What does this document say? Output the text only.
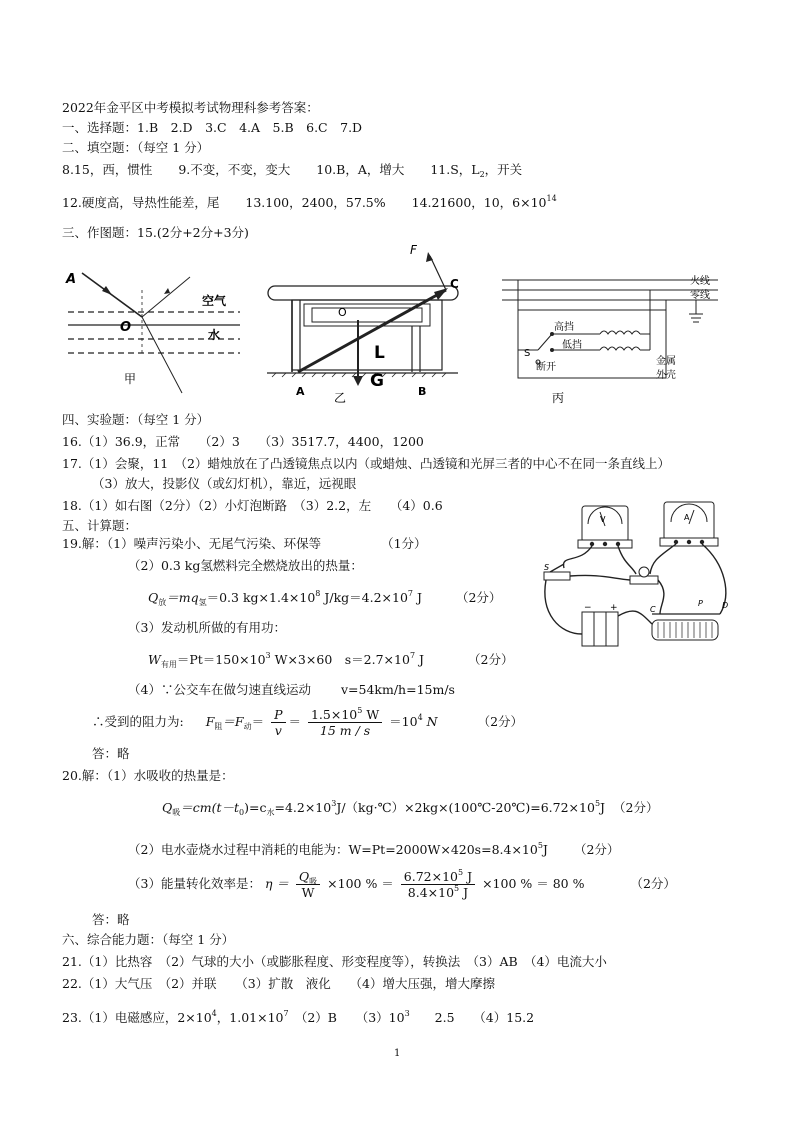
2022年金平区中考模拟考试物理科参考答案：
一、选择题：1.B　2.D　3.C　4.A　5.B　6.C　7.D
二、填空题：（每空 1 分）
8.15，西，惯性 9.不变，不变，变大 10.B，A，增大 11.S，$L_2$，开关
12.硬度高，导热性能差，尾 13.100，2400，57.5% 14.21600，10，$6\times 10^{14}$
三、作图题：15.(2分+2分+3分)
A
O
空气
水
甲
F
C
O
L
G
A	B
乙
高挡
低挡
S
断开
火线
零线
金属
外壳
丙
四、实验题：（每空 1 分）
16.（1）36.9，正常　　（2）3　　（3）3517.7，4400，1200
17.（1）会聚，11　（2）蜡烛放在了凸透镜焦点以内（或蜡烛、凸透镜和光屏三者的中心不在同一条直线上）
（3）放大，投影仪（或幻灯机），靠近，远视眼
18.（1）如右图（2分）（2）小灯泡断路　（3）2.2，左　　（4）0.6
V	A
S
C
P D
− +
五、计算题：
19.解：（1）噪声污染小、无尾气污染、环保等	（1分）
（2）0.3 kg氢燃料完全燃烧放出的热量：
$Q_放=mq_氢=0.3$ $kg\times 1.4\times 10^8$ $J/kg=4.2\times 10^7$ J	（2分）
（3）发动机所做的有用功：
$W_{有用}=Pt=150\times 10^3$ W×3×60　$s=2.7\times 10^7$ J	（2分）
（4）∵公交车在做匀速直线运动 v=54km/h=15m/s
∴受到的阻力为: $F_阻=F_动= \frac{P}{v} = \frac{1.5\times 10^5 W}{15 m / s} =10^4$ N	（2分）
答：略
20.解：（1）水吸收的热量是：
$Q_吸=cm(t-t_0)=c_水=4.2\times 10^3J/(kg\cdot℃)\times 2kg\times(100℃-20℃)=6.72\times 10^5J$ （2分）
（2）电水壶烧水过程中消耗的电能为：$W=Pt=2000W\times 420s=8.4\times 10^5J$ （2分）
（3）能量转化效率是： $\eta = \frac{Q_吸}{W} \times 100$ % ＝ $\frac{6.72\times 10^5 J}{8.4\times 10^5 J} \times 100$ % ＝ 80 %	（2分）
答：略
六、综合能力题：（每空 1 分）
21.（1）比热容　（2）气球的大小（或膨胀程度、形变程度等），转换法　（3）AB　（4）电流大小
22.（1）大气压　（2）并联　　（3）扩散　液化　　（4）增大压强，增大摩擦
23.（1）电磁感应，$2\times 10^4$，$1.01\times 10^7$　（2）B　　$(3)10^3$　　2.5　　（4）15.2
1
